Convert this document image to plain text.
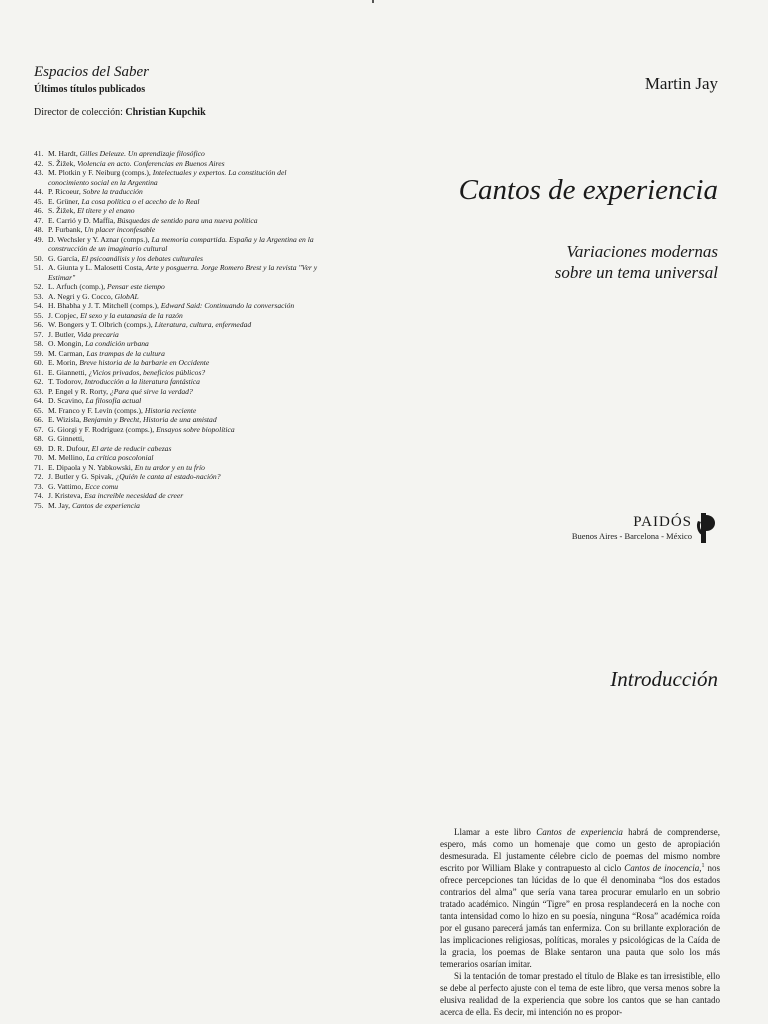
Espacios del Saber
Últimos títulos publicados
Director de colección: Christian Kupchik
41. M. Hardt, Gilles Deleuze. Un aprendizaje filosófico
42. S. Žižek, Violencia en acto. Conferencias en Buenos Aires
43. M. Plotkin y F. Neiburg (comps.), Intelectuales y expertos. La constitución del conocimiento social en la Argentina
44. P. Ricoeur, Sobre la traducción
45. E. Grüner, La cosa política o el acecho de lo Real
46. S. Žižek, El títere y el enano
47. E. Carrió y D. Maffía, Búsquedas de sentido para una nueva política
48. P. Furbank, Un placer inconfesable
49. D. Wechsler y Y. Aznar (comps.), La memoria compartida. España y la Argentina en la construcción de un imaginario cultural
50. G. García, El psicoanálisis y los debates culturales
51. A. Giunta y L. Malosetti Costa, Arte y posguerra. Jorge Romero Brest y la revista "Ver y Estimar"
52. L. Arfuch (comp.), Pensar este tiempo
53. A. Negri y G. Cocco, GlobAL
54. H. Bhabha y J. T. Mitchell (comps.), Edward Said: Continuando la conversación
55. J. Copjec, El sexo y la eutanasia de la razón
56. W. Bongers y T. Olbrich (comps.), Literatura, cultura, enfermedad
57. J. Butler, Vida precaria
58. O. Mongin, La condición urbana
59. M. Carman, Las trampas de la cultura
60. E. Morin, Breve historia de la barbarie en Occidente
61. E. Giannetti, ¿Vicios privados, beneficios públicos?
62. T. Todorov, Introducción a la literatura fantástica
63. P. Engel y R. Rorty, ¿Para qué sirve la verdad?
64. D. Scavino, La filosofía actual
65. M. Franco y F. Levín (comps.), Historia reciente
66. E. Wizisla, Benjamin y Brecht, Historia de una amistad
67. G. Giorgi y F. Rodríguez (comps.), Ensayos sobre biopolítica
68. G. Ginnetti,
69. D. R. Dufour, El arte de reducir cabezas
70. M. Mellino, La crítica poscolonial
71. E. Dipaola y N. Yabkowski, En tu ardor y en tu frío
72. J. Butler y G. Spivak, ¿Quién le canta al estado-nación?
73. G. Vattimo, Ecce comu
74. J. Kristeva, Esa increíble necesidad de creer
75. M. Jay, Cantos de experiencia
Martin Jay
Cantos de experiencia
Variaciones modernas
sobre un tema universal
PAIDÓS
Buenos Aires - Barcelona - México
Introducción

Llamar a este libro Cantos de experiencia habrá de comprenderse, espero, más como un homenaje que como un gesto de apropiación desmesurada. El justamente célebre ciclo de poemas del mismo nombre escrito por William Blake y contrapuesto al ciclo Cantos de inocencia,$^1$ nos ofrece percepciones tan lúcidas de lo que él denominaba “los dos estados contrarios del alma” que sería vana tarea procurar emularlo en un sobrio tratado académico. Ningún “Tigre” en prosa resplandecerá en la noche con tanta intensidad como lo hizo en su poesía, ninguna “Rosa” académica roída por el gusano parecerá jamás tan enfermiza. Con su brillante exploración de las implicaciones religiosas, políticas, morales y psicológicas de la Caída de la gracia, los poemas de Blake sentaron una pauta que solo los más temerarios osarían imitar.

Si la tentación de tomar prestado el título de Blake es tan irresistible, ello se debe al perfecto ajuste con el tema de este libro, que versa menos sobre la elusiva realidad de la experiencia que sobre los cantos que se han cantado acerca de ella. Es decir, mi intención no es propor-
